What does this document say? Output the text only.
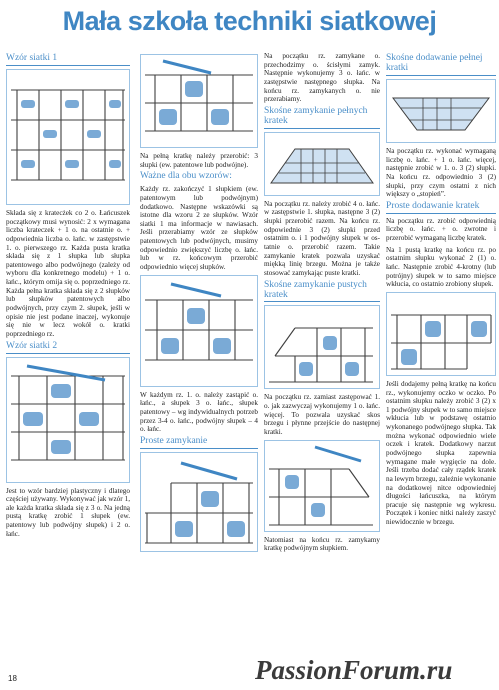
Mała szkoła techniki siatkowej
Wzór siatki 1

Składa się z kratecżek co 2 o. Łańcuszek początkowy musi wynosić: 2 x wymagana liczba krateczek + 1 o. na ostatnie o. + odpowiednia liczba o. łańc. w zastępstwie 1. o. pierwszego rz. Każda pusta kratka składa się z 1 słupka lub słupka patentowego albo podwójnego (zależy od wyboru dla konkretnego modelu) + 1 o. łańc., którym omija się o. poprzedniego rz. Każda pełna kratka składa się z 2 słupków lub słupków patentowych albo podwójnych, przy czym 2. słupek, jeśli w opisie nie jest podane inaczej, wykonuje się nie w lecz wokół o. kratki poprzedniego rz.

Wzór siatki 2

Jest to wzór bardziej plastyczny i dlatego częściej używany. Wykonywać jak wzór 1, ale każda kratka składa się z 3 o. Na jedną pustą kratkę zrobić 1 słupek (ew. patentowy lub podwójny słupek) i 2 o. łańc.

Na pełną kratkę należy przerobić: 3 słupki (ew. patentowe lub podwójne).

Ważne dla obu wzorów:

Każdy rz. zakończyć 1 słupkiem (ew. patentowym lub podwójnym) dodatkowo. Następne wskazówki są istotne dla wzoru 2 ze słupków. Wzór siatki 1 ma informacje w nawiasach. Jeśli przerabiamy wzór ze słupków patentowych lub podwójnych, musimy odpowiednio zwiększyć liczbę o. łańc. lub w rz. końcowym przerobić odpowiednio więcej słupków.

W każdym rz. 1. o. należy zastąpić o. łańc., a słupek 3 o. łańc., słupek patentowy – wg indywidualnych potrzeb przez 3-4 o. łańc., podwójny słupek – 4 o. łańc.

Proste zamykanie

Na początku rz. zamykane o. przechodzimy o. ścisłymi zamyk. Następnie wykonujemy 3 o. łańc. w zastępstwie następnego słupka. Na końcu rz. zamykanych o. nie przerabiamy.

Skośne zamykanie pełnych kratek

Na początku rz. należy zrobić 4 o. łańc. w zastępstwie 1. słupka, następne 3 (2) słupki przerobić razem. Na końcu rz. odpowiednie 3 (2) słupki przed ostatnim o. i 1 podwójny słupek w os- tatnie o. przerobić razem. Takie zamykanie kratek pozwala uzyskać miękką linię brzegu. Można je także stosować zamykając puste kratki.

Skośne zamykanie pustych kratek

Na początku rz. zamiast zastępować 1. o. jak zazwyczaj wykonujemy 1 o. łańc. więcej. To pozwala uzyskać skos brzegu i płynne przejście do następnej kratki.

Natomiast na końcu rz. zamykamy kratkę podwójnym słupkiem.

Skośne dodawanie pełnej kratki

Na początku rz. wykonać wymaganą liczbę o. łańc. + 1 o. łańc. więcej, następnie zrobić w 1. o. 3 (2) słupki. Na końcu rz. odpowiednio 3 (2) słupki, przy czym ostatni z nich większy o „stopień”.

Proste dodawanie kratek

Na początku rz. zrobić odpowiednią liczbę o. łańc. + o. zwrotne i przerobić wymaganą liczbę kratek.

Na 1 pustą kratkę na końcu rz. po ostatnim słupku wykonać 2 (1) o. łańc. Następnie zrobić 4-krotny (lub potrójny) słupek w to samo miejsce wkłucia, co ostatnio zrobiony słupek.

Jeśli dodajemy pełną kratkę na końcu rz., wykonujemy oczko w oczko. Po ostatnim słupku należy zrobić 3 (2) x 1 podwójny słupek w to samo miejsce wkłucia lub w podstawę ostatnio wykonanego podwójnego słupka. Tak można wykonać odpowiednio wiele oczek i kratek. Dodatkowy narzut podwójnego słupka zapewnia wymagane małe wygięcie na dole. Jeśli trzeba dodać cały rządek kratek na lewym brzegu, zależnie wykonanie na dodatkowej nitce odpowiedniej długości łańcuszka, na którym pracuje się następnie wg wykresu. Początek i koniec nitki należy zaszyć niewidocznie w brzegu.

18	PassionForum.ru
